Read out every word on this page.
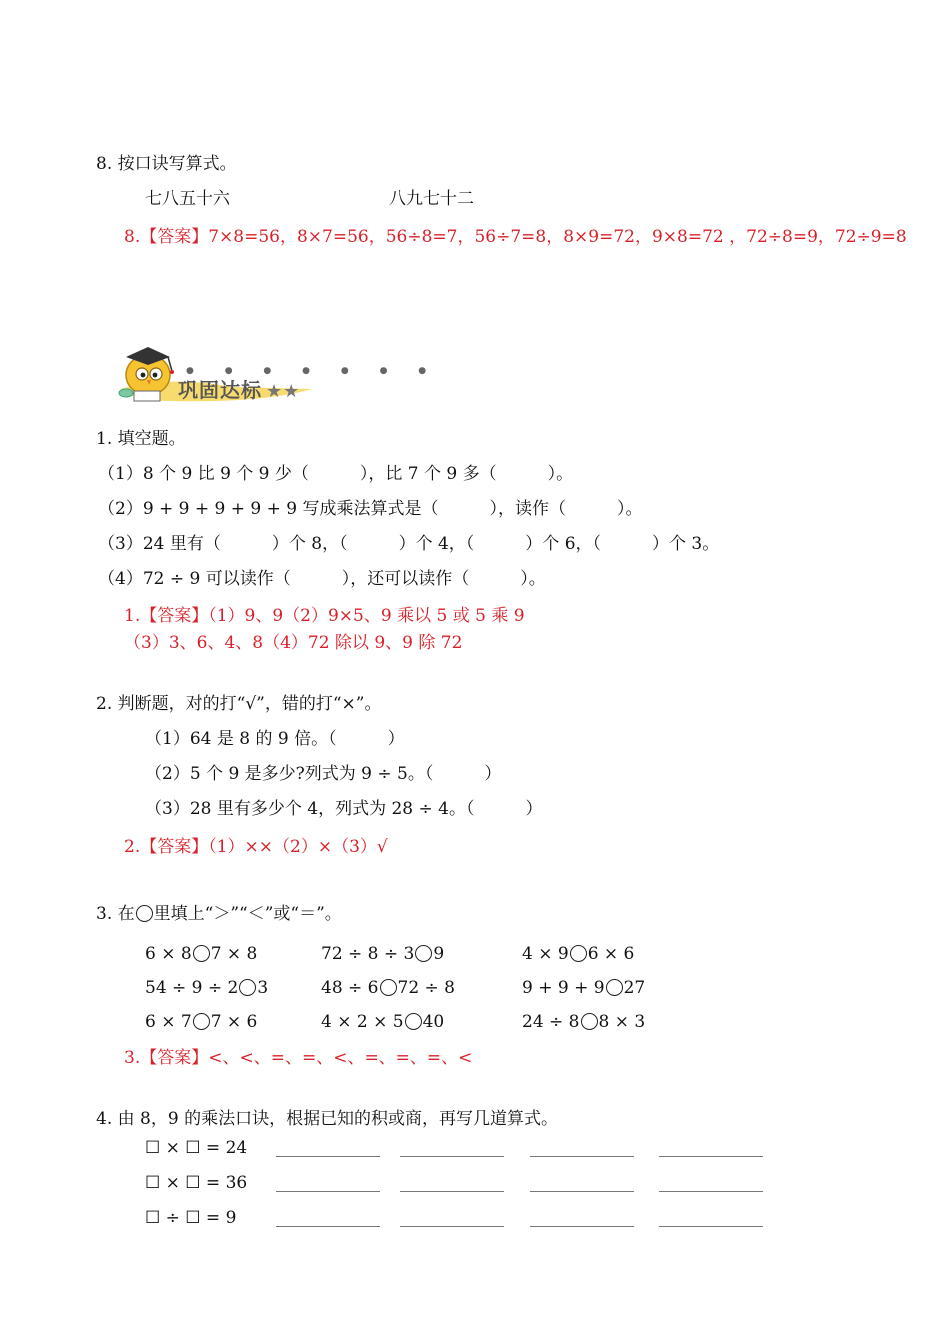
8. 按口诀写算式。
七八五十六	八九七十二
8.【答案】7×8=56，8×7=56，56÷8=7，56÷7=8，8×9=72，9×8=72 ，72÷8=9，72÷9=8
● ● ● ● ● ● ●
巩固达标 ★★
1. 填空题。
（1）8 个 9 比 9 个 9 少（　　　），比 7 个 9 多（　　　）。
（2）9 + 9 + 9 + 9 + 9 写成乘法算式是（　　　），读作（　　　）。
（3）24 里有（　　　）个 8，（　　　）个 4，（　　　）个 6，（　　　）个 3。
（4）72 ÷ 9 可以读作（　　　），还可以读作（　　　）。
1.【答案】（1）9、9（2）9×5、9 乘以 5 或 5 乘 9
（3）3、6、4、8（4）72 除以 9、9 除 72
2. 判断题，对的打“√”，错的打“×”。
（1）64 是 8 的 9 倍。（　　　）
（2）5 个 9 是多少?列式为 9 ÷ 5。（　　　）
（3）28 里有多少个 4，列式为 28 ÷ 4。（　　　）
2.【答案】（1）××（2）×（3）√
3. 在 里填上“＞”“＜”或“＝”。
6 × 8 7 × 8	72 ÷ 8 ÷ 3 9	4 × 9 6 × 6
54 ÷ 9 ÷ 2 3	48 ÷ 6 72 ÷ 8	9 + 9 + 9 27
6 × 7 7 × 6	4 × 2 × 5 40	24 ÷ 8 8 × 3
3.【答案】<、<、=、=、<、=、=、=、<
4. 由 8，9 的乘法口诀，根据已知的积或商，再写几道算式。
☐ × ☐ = 24
☐ × ☐ = 36
☐ ÷ ☐ = 9
